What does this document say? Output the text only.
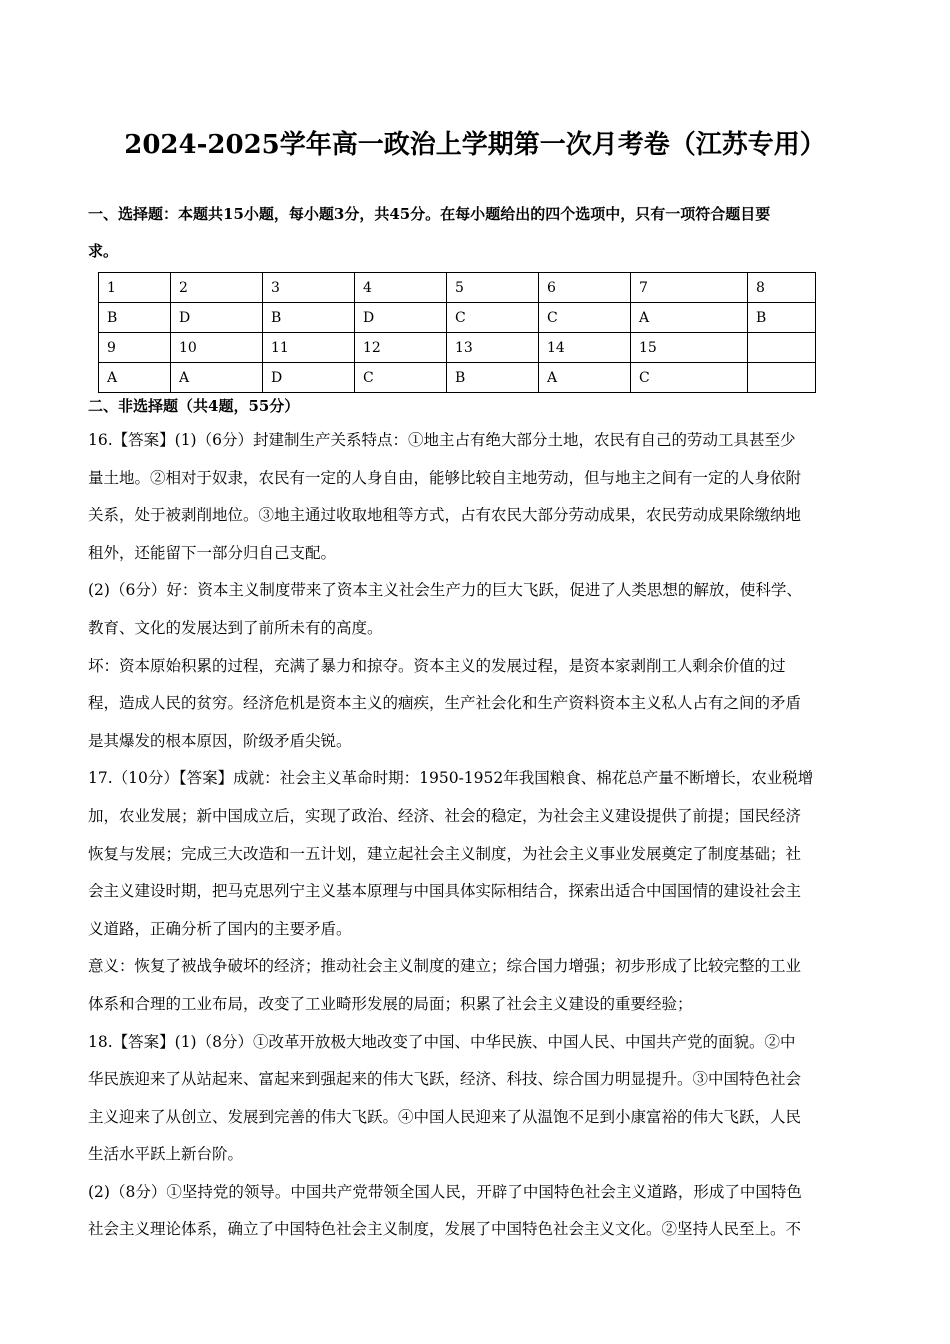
2024-2025学年高一政治上学期第一次月考卷（江苏专用）
一、选择题：本题共15小题，每小题3分，共45分。在每小题给出的四个选项中，只有一项符合题目要
求。
1	2	3	4	5	6	7	8
B	D	B	D	C	C	A	B
9	10	11	12	13	14	15	
A	A	D	C	B	A	C	
二、非选择题（共4题，55分）
16.【答案】(1)（6分）封建制生产关系特点：①地主占有绝大部分土地，农民有自己的劳动工具甚至少
量土地。②相对于奴隶，农民有一定的人身自由，能够比较自主地劳动，但与地主之间有一定的人身依附
关系，处于被剥削地位。③地主通过收取地租等方式，占有农民大部分劳动成果，农民劳动成果除缴纳地
租外，还能留下一部分归自己支配。
(2)（6分）好：资本主义制度带来了资本主义社会生产力的巨大飞跃，促进了人类思想的解放，使科学、
教育、文化的发展达到了前所未有的高度。
坏：资本原始积累的过程，充满了暴力和掠夺。资本主义的发展过程，是资本家剥削工人剩余价值的过
程，造成人民的贫穷。经济危机是资本主义的痼疾，生产社会化和生产资料资本主义私人占有之间的矛盾
是其爆发的根本原因，阶级矛盾尖锐。
17.（10分）【答案】成就：社会主义革命时期：1950-1952年我国粮食、棉花总产量不断增长，农业税增
加，农业发展；新中国成立后，实现了政治、经济、社会的稳定，为社会主义建设提供了前提；国民经济
恢复与发展；完成三大改造和一五计划，建立起社会主义制度，为社会主义事业发展奠定了制度基础；社
会主义建设时期，把马克思列宁主义基本原理与中国具体实际相结合，探索出适合中国国情的建设社会主
义道路，正确分析了国内的主要矛盾。
意义：恢复了被战争破坏的经济；推动社会主义制度的建立；综合国力增强；初步形成了比较完整的工业
体系和合理的工业布局，改变了工业畸形发展的局面；积累了社会主义建设的重要经验；
18.【答案】(1)（8分）①改革开放极大地改变了中国、中华民族、中国人民、中国共产党的面貌。②中
华民族迎来了从站起来、富起来到强起来的伟大飞跃，经济、科技、综合国力明显提升。③中国特色社会
主义迎来了从创立、发展到完善的伟大飞跃。④中国人民迎来了从温饱不足到小康富裕的伟大飞跃，人民
生活水平跃上新台阶。
(2)（8分）①坚持党的领导。中国共产党带领全国人民，开辟了中国特色社会主义道路，形成了中国特色
社会主义理论体系，确立了中国特色社会主义制度，发展了中国特色社会主义文化。②坚持人民至上。不
